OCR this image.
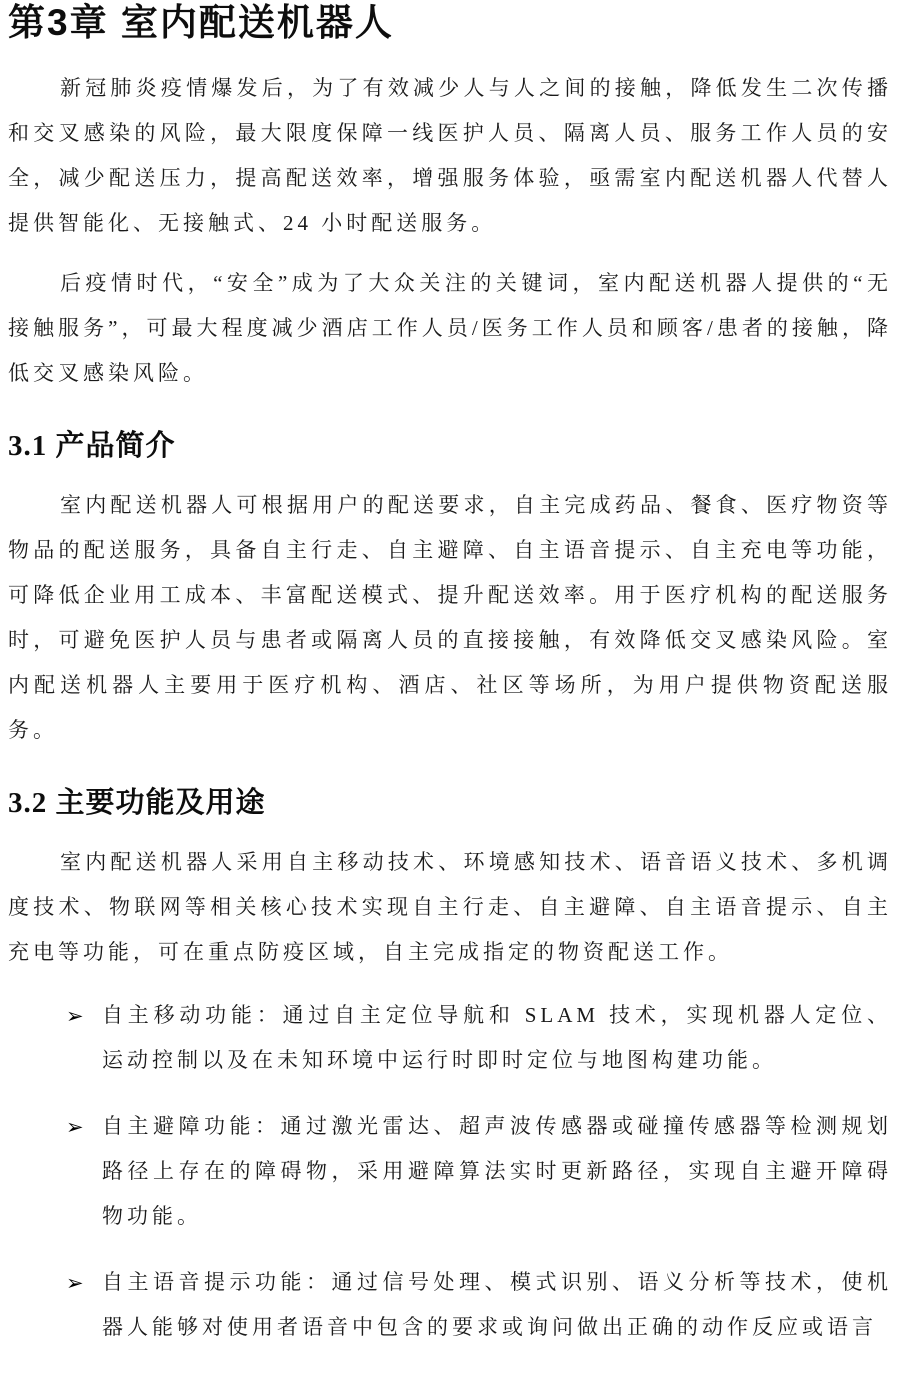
第3章 室内配送机器人

新冠肺炎疫情爆发后，为了有效减少人与人之间的接触，降低发生二次传播和交叉感染的风险，最大限度保障一线医护人员、隔离人员、服务工作人员的安全，减少配送压力，提高配送效率，增强服务体验，亟需室内配送机器人代替人提供智能化、无接触式、24 小时配送服务。

后疫情时代，“安全”成为了大众关注的关键词，室内配送机器人提供的“无接触服务”，可最大程度减少酒店工作人员/医务工作人员和顾客/患者的接触，降低交叉感染风险。

3.1 产品简介

室内配送机器人可根据用户的配送要求，自主完成药品、餐食、医疗物资等物品的配送服务，具备自主行走、自主避障、自主语音提示、自主充电等功能，可降低企业用工成本、丰富配送模式、提升配送效率。用于医疗机构的配送服务时，可避免医护人员与患者或隔离人员的直接接触，有效降低交叉感染风险。室内配送机器人主要用于医疗机构、酒店、社区等场所，为用户提供物资配送服务。

3.2 主要功能及用途

室内配送机器人采用自主移动技术、环境感知技术、语音语义技术、多机调度技术、物联网等相关核心技术实现自主行走、自主避障、自主语音提示、自主充电等功能，可在重点防疫区域，自主完成指定的物资配送工作。

➢ 自主移动功能：通过自主定位导航和 SLAM 技术，实现机器人定位、运动控制以及在未知环境中运行时即时定位与地图构建功能。
➢ 自主避障功能：通过激光雷达、超声波传感器或碰撞传感器等检测规划路径上存在的障碍物，采用避障算法实时更新路径，实现自主避开障碍物功能。
➢ 自主语音提示功能：通过信号处理、模式识别、语义分析等技术，使机器人能够对使用者语音中包含的要求或询问做出正确的动作反应或语言
